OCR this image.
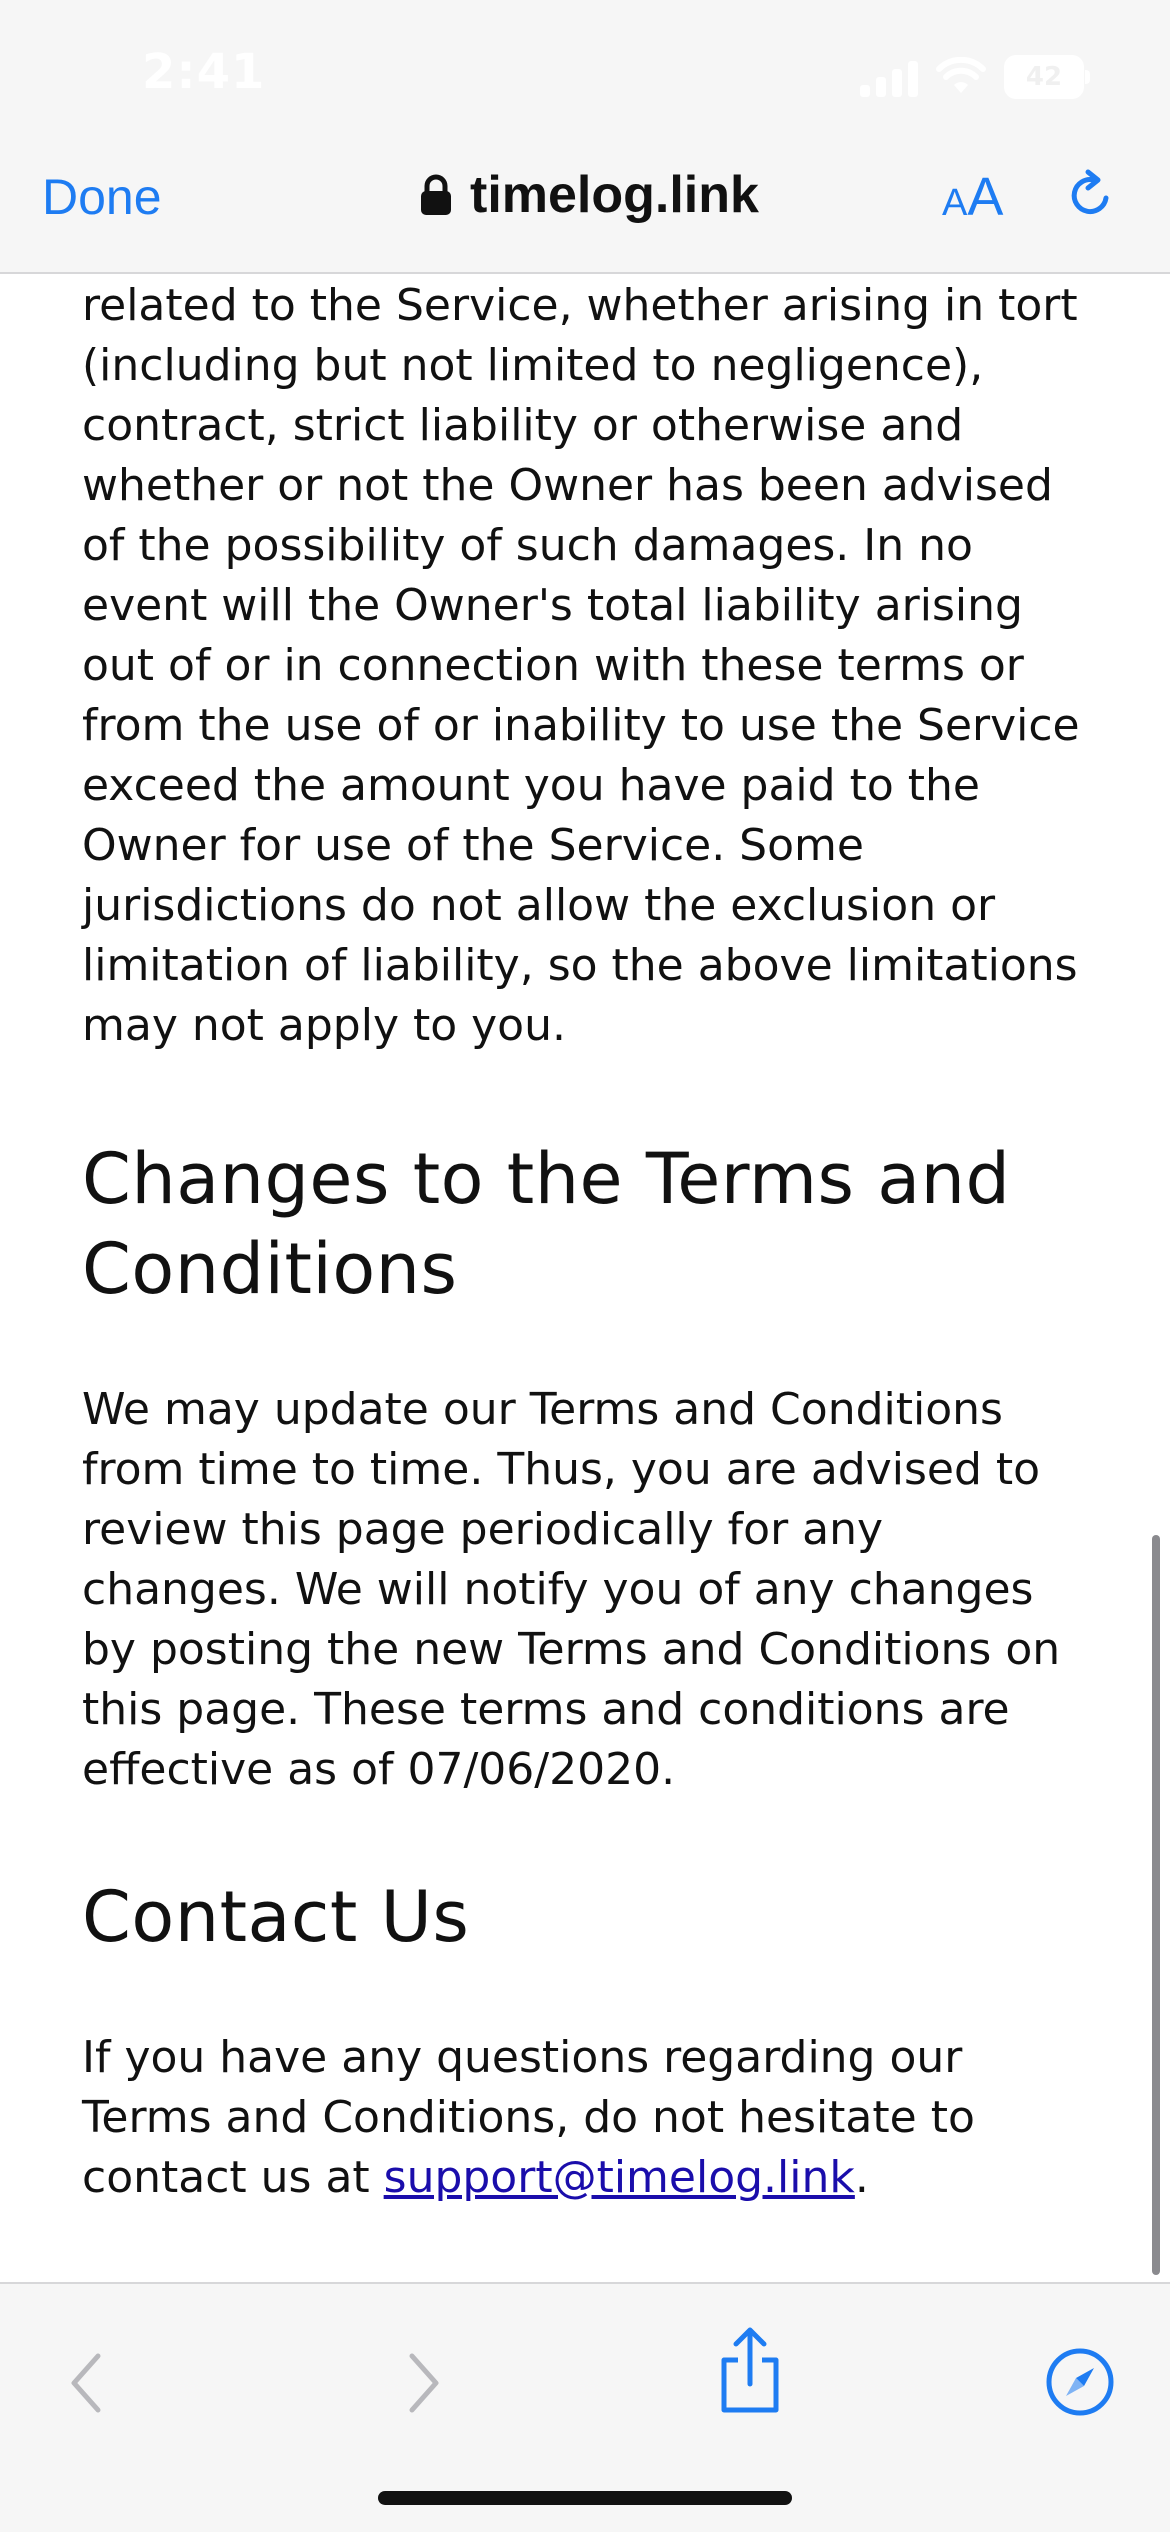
2:41	42
Done	timelog.link	AA

related to the Service, whether arising in tort (including but not limited to negligence), contract, strict liability or otherwise and whether or not the Owner has been advised of the possibility of such damages. In no event will the Owner's total liability arising out of or in connection with these terms or from the use of or inability to use the Service exceed the amount you have paid to the Owner for use of the Service. Some jurisdictions do not allow the exclusion or limitation of liability, so the above limitations may not apply to you.

Changes to the Terms and Conditions

We may update our Terms and Conditions from time to time. Thus, you are advised to review this page periodically for any changes. We will notify you of any changes by posting the new Terms and Conditions on this page. These terms and conditions are effective as of 07/06/2020.

Contact Us

If you have any questions regarding our Terms and Conditions, do not hesitate to contact us at support@timelog.link.
